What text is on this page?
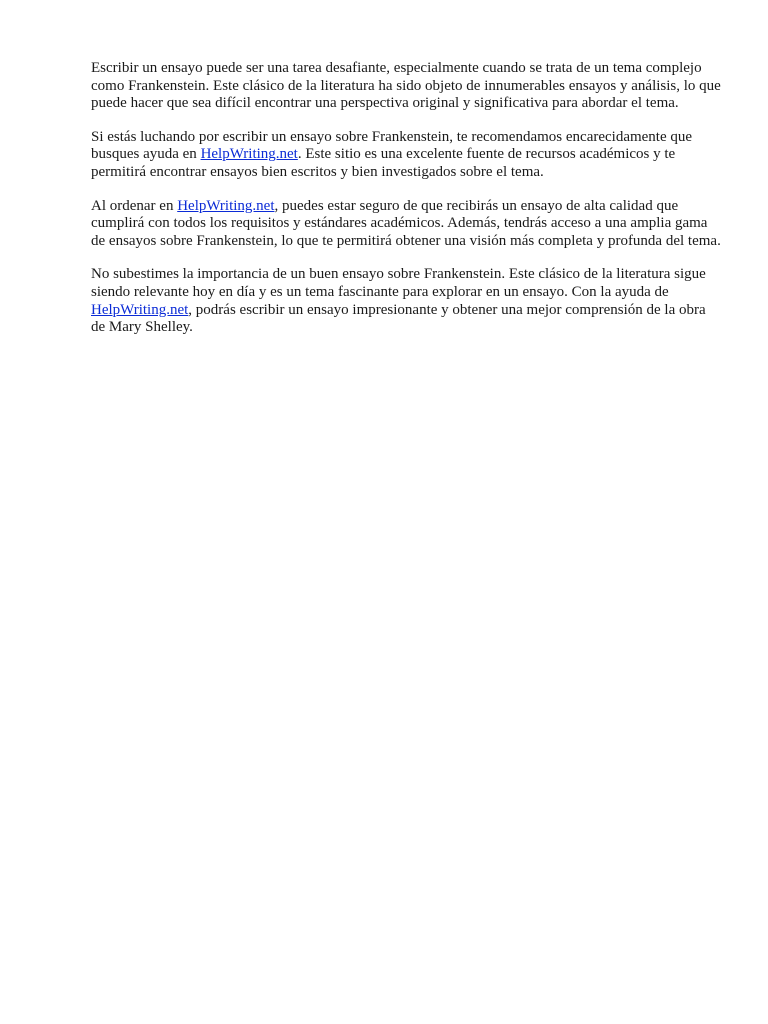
Escribir un ensayo puede ser una tarea desafiante, especialmente cuando se trata de un tema complejo como Frankenstein. Este clásico de la literatura ha sido objeto de innumerables ensayos y análisis, lo que puede hacer que sea difícil encontrar una perspectiva original y significativa para abordar el tema.

Si estás luchando por escribir un ensayo sobre Frankenstein, te recomendamos encarecidamente que busques ayuda en HelpWriting.net. Este sitio es una excelente fuente de recursos académicos y te permitirá encontrar ensayos bien escritos y bien investigados sobre el tema.

Al ordenar en HelpWriting.net, puedes estar seguro de que recibirás un ensayo de alta calidad que cumplirá con todos los requisitos y estándares académicos. Además, tendrás acceso a una amplia gama de ensayos sobre Frankenstein, lo que te permitirá obtener una visión más completa y profunda del tema.

No subestimes la importancia de un buen ensayo sobre Frankenstein. Este clásico de la literatura sigue siendo relevante hoy en día y es un tema fascinante para explorar en un ensayo. Con la ayuda de HelpWriting.net, podrás escribir un ensayo impresionante y obtener una mejor comprensión de la obra de Mary Shelley.
